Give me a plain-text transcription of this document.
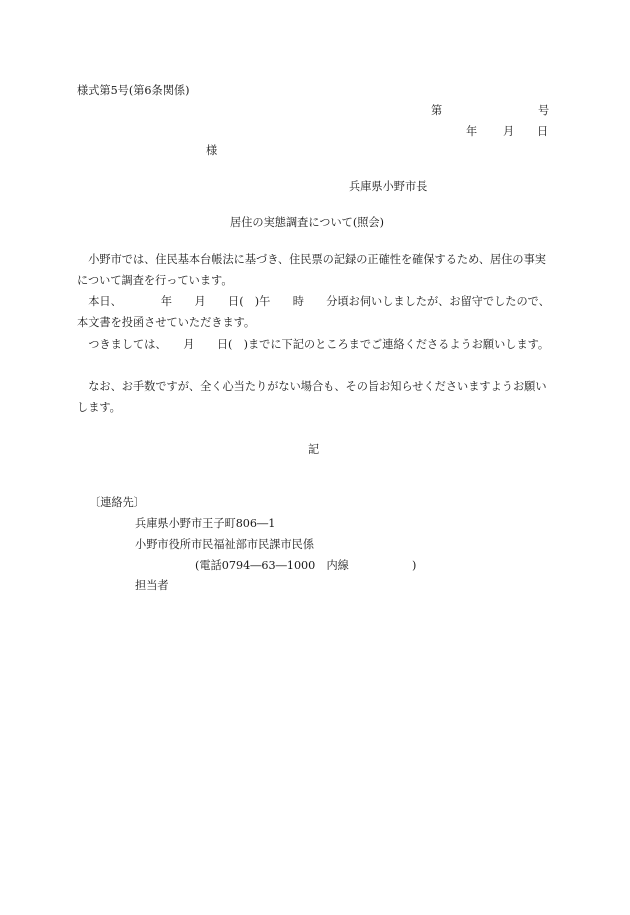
様式第5号(第6条関係)
第	号
年 月 日
様
兵庫県小野市長
居住の実態調査について(照会)
小野市では、住民基本台帳法に基づき、住民票の記録の正確性を確保するため、居住の事実について調査を行っています。
本日、　　　　年　　月　　日(　)午　　時　　分頃お伺いしましたが、お留守でしたので、本文書を投函させていただきます。
つきましては、　　月　　日(　)までに下記のところまでご連絡くださるようお願いします。
なお、お手数ですが、全く心当たりがない場合も、その旨お知らせくださいますようお願いします。
記
〔連絡先〕
兵庫県小野市王子町806―1
小野市役所市民福祉部市民課市民係
(電話0794―63―1000　内線	)
担当者
